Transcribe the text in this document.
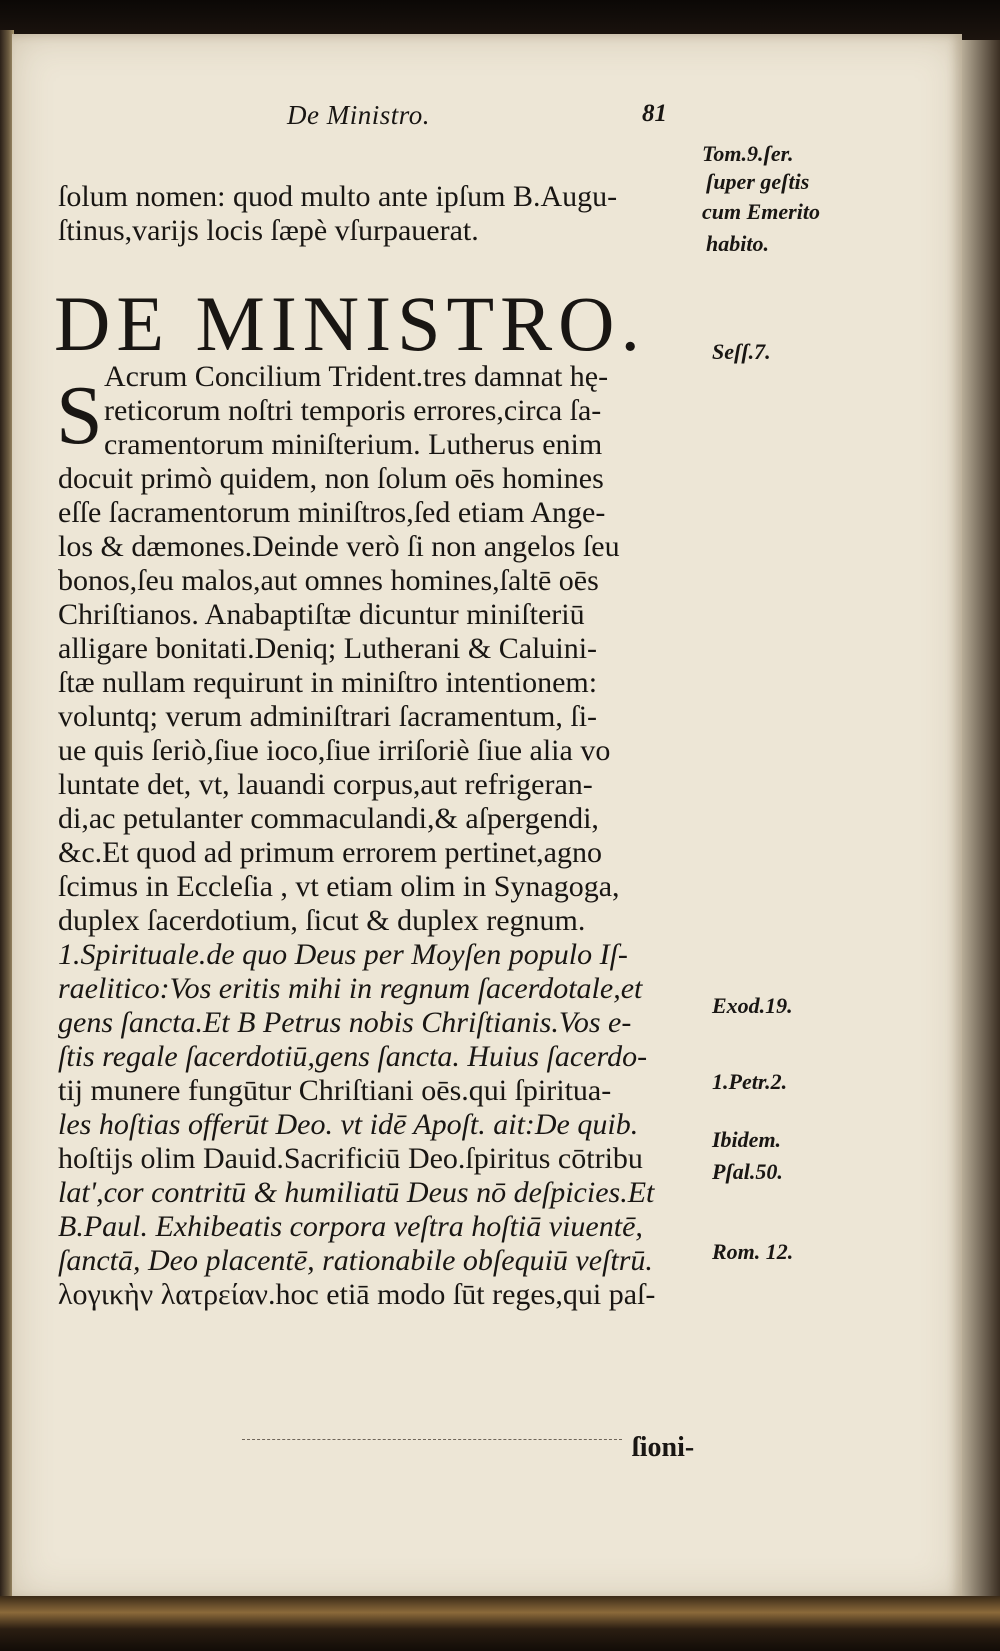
De Ministro.	81
ſolum nomen: quod multo ante ipſum B.Augu-
ſtinus,varijs locis ſæpè vſurpauerat.
DE MINISTRO.
S Acrum Concilium Trident.tres damnat hę-
reticorum noſtri temporis errores,circa ſa-
cramentorum miniſterium. Lutherus enim
docuit primò quidem, non ſolum oēs homines
eſſe ſacramentorum miniſtros,ſed etiam Ange-
los & dæmones.Deinde verò ſi non angelos ſeu
bonos,ſeu malos,aut omnes homines,ſaltē oēs
Chriſtianos. Anabaptiſtæ dicuntur miniſteriū
alligare bonitati.Deniq; Lutherani & Caluini-
ſtæ nullam requirunt in miniſtro intentionem:
voluntq; verum adminiſtrari ſacramentum, ſi-
ue quis ſeriò,ſiue ioco,ſiue irriſoriè ſiue alia vo
luntate det, vt, lauandi corpus,aut refrigeran-
di,ac petulanter commaculandi,& aſpergendi,
&c.Et quod ad primum errorem pertinet,agno
ſcimus in Eccleſia , vt etiam olim in Synagoga,
duplex ſacerdotium, ſicut & duplex regnum.
1.Spirituale.de quo Deus per Moyſen populo Iſ-
raelitico:Vos eritis mihi in regnum ſacerdotale,et
gens ſancta.Et B Petrus nobis Chriſtianis.Vos e-
ſtis regale ſacerdotiū,gens ſancta. Huius ſacerdo-
tij munere fungūtur Chriſtiani oēs.qui ſpiritua-
les hoſtias offerūt Deo. vt idē Apoſt. ait:De quib.
hoſtijs olim Dauid.Sacrificiū Deo.ſpiritus cōtribu
lat',cor contritū & humiliatū Deus nō deſpicies.Et
B.Paul. Exhibeatis corpora veſtra hoſtiā viuentē,
ſanctā, Deo placentē, rationabile obſequiū veſtrū.
λογικὴν λατρείαν.hoc etiā modo ſūt reges,qui paſ-
ſioni-
Tom.9.ſer.
ſuper geſtis
cum Emerito
habito.
Seſſ.7.
Exod.19.
1.Petr.2.
Ibidem.
Pſal.50.
Rom. 12.
